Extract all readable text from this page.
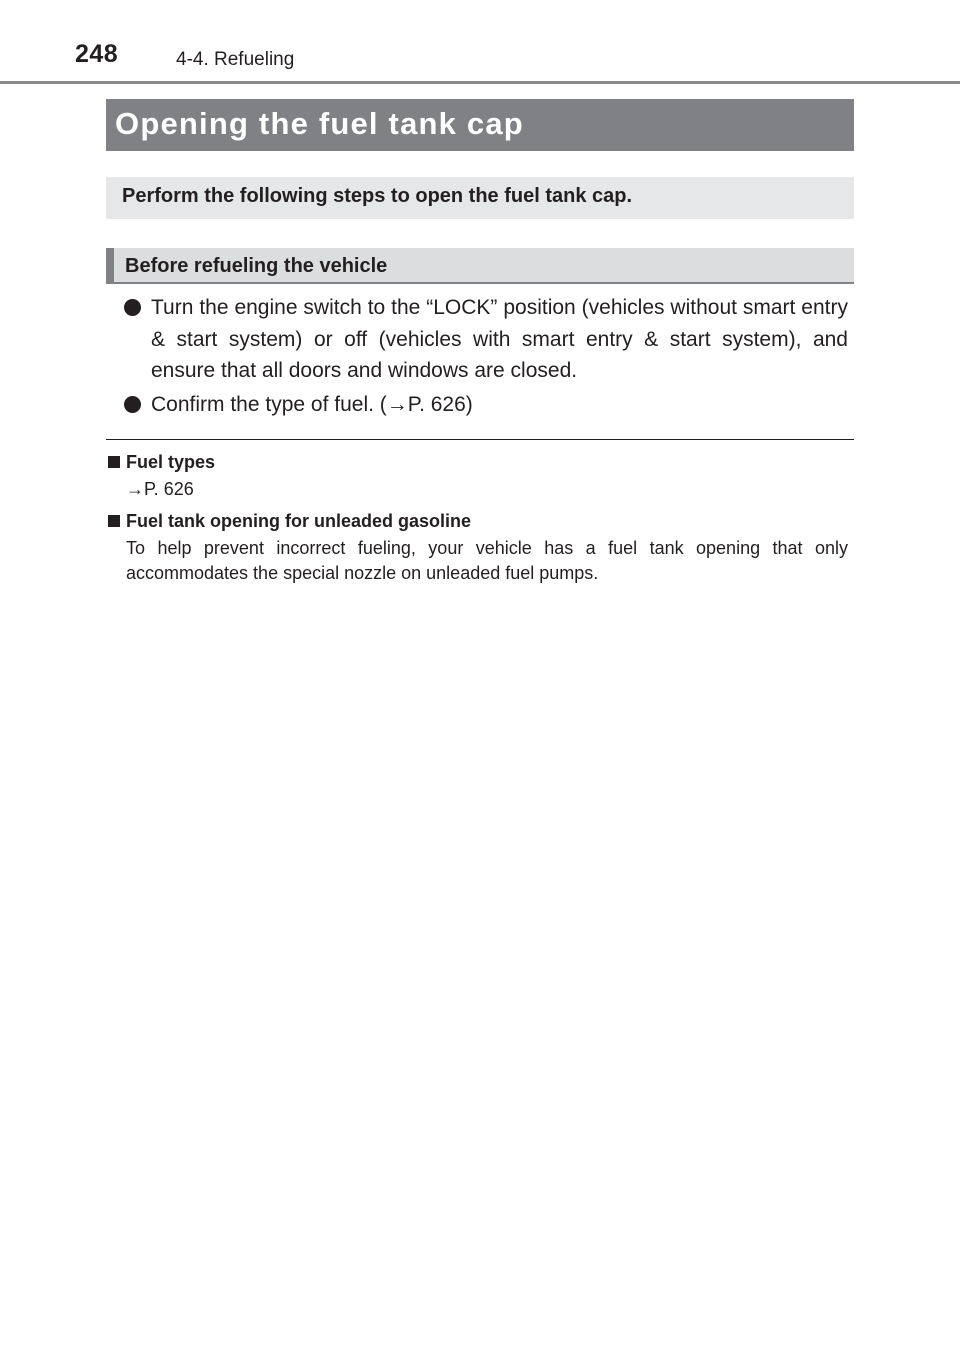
248	4-4. Refueling
Opening the fuel tank cap
Perform the following steps to open the fuel tank cap.
Before refueling the vehicle
Turn the engine switch to the “LOCK” position (vehicles without smart entry & start system) or off (vehicles with smart entry & start system), and ensure that all doors and windows are closed.
Confirm the type of fuel. (→P. 626)
Fuel types
→P. 626
Fuel tank opening for unleaded gasoline
To help prevent incorrect fueling, your vehicle has a fuel tank opening that only accommodates the special nozzle on unleaded fuel pumps.
